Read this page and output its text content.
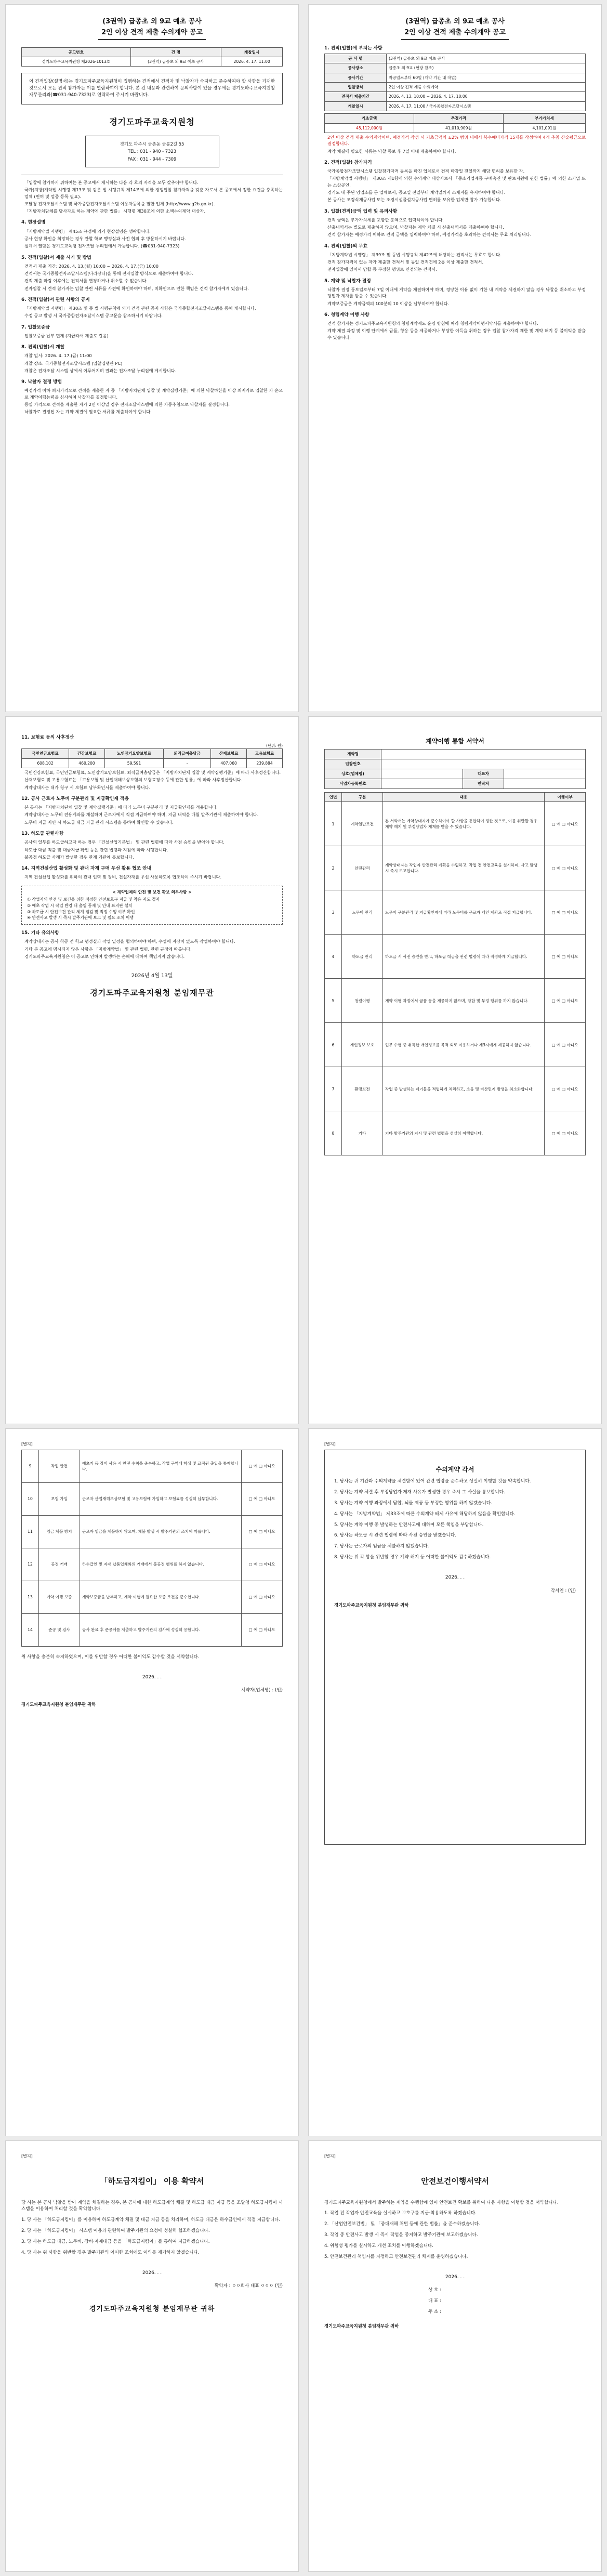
(3권역) 급종초 외 9교 예초 공사
2인 이상 견적 제출 수의계약 공고
공고번호	건 명	개찰일시
경기도파주교육지원청 제2026-1013호	(3권역) 급종초 외 9교 예초 공사	2026. 4. 17. 11:00
이 견적입찰(설명서)는 경기도파주교육지원청이 집행하는 견적에서 견적자 및 낙찰자가 숙지하고 준수하여야 할 사항을 기재한 것으로서 모든 견적 참가자는 이를 열람하여야 합니다. 본 건 내용과 관련하여 문의사항이 있을 경우에는 경기도파주교육지원청 재무관리과(☎031-940-7323)로 연락하여 주시기 바랍니다.
경기도파주교육지원청
경기도 파주시 금촌동 금릉2길 55
TEL : 031 - 940 - 7323
FAX : 031 - 944 - 7309
「입찰에 참가하기 위하여는 본 공고에서 제시하는 다음 각 호의 자격을 모두 갖추어야 합니다.
국가(지방)계약법 시행령 제13조 및 같은 법 시행규칙 제14조에 의한 경쟁입찰 참가자격을 갖춘 자로서 본 공고에서 정한 요건을 충족하는 업체 (면허 및 업종 등록 필요).
조달청 전자조달시스템 및 국가종합전자조달시스템 이용자등록을 필한 업체 (http://www.g2b.go.kr).
「지방자치단체를 당사자로 하는 계약에 관한 법률」 시행령 제30조에 의한 소액수의계약 대상자.
4. 현장설명
「지방계약법 시행령」 제45조 규정에 의거 현장설명은 생략합니다.
공사 현장 확인을 희망하는 경우 관할 학교 행정실과 사전 협의 후 방문하시기 바랍니다.
설계서 열람은 경기도교육청 전자조달 누리집에서 가능합니다. (☎031-940-7323)
5. 견적(입찰)서 제출 시기 및 방법
견적서 제출 기간: 2026. 4. 13.(월) 10:00 ~ 2026. 4. 17.(금) 10:00
견적서는 국가종합전자조달시스템(나라장터)을 통해 전자입찰 방식으로 제출하여야 합니다.
견적 제출 마감 이후에는 견적서를 변경하거나 취소할 수 없습니다.
전자입찰 시 견적 참가자는 입찰 관련 서류를 사전에 확인하여야 하며, 미확인으로 인한 책임은 견적 참가자에게 있습니다.
6. 견적(입찰)서 관련 사항의 공지
「지방계약법 시행령」 제30조 및 동 법 시행규칙에 의거 견적 관련 공지 사항은 국가종합전자조달시스템을 통해 게시합니다.
수정 공고 발생 시 국가종합전자조달시스템 공고문을 참조하시기 바랍니다.
7. 입찰보증금
입찰보증금 납부 면제 (지급각서 제출로 갈음)
8. 견적(입찰)서 개찰
개찰 일시: 2026. 4. 17.(금) 11:00
개찰 장소: 국가종합전자조달시스템 (입찰집행관 PC)
개찰은 전자조달 시스템 상에서 이루어지며 결과는 전자조달 누리집에 게시합니다.
9. 낙찰자 결정 방법
예정가격 이하 최저가격으로 견적을 제출한 자 중 「지방자치단체 입찰 및 계약집행기준」에 의한 낙찰하한율 이상 최저가로 입찰한 자 순으로 계약이행능력을 심사하여 낙찰자를 결정합니다.
동일 가격으로 견적을 제출한 자가 2인 이상일 경우 전자조달시스템에 의한 자동추첨으로 낙찰자를 결정합니다.
낙찰자로 결정된 자는 계약 체결에 필요한 서류를 제출하여야 합니다.
(3권역) 급종초 외 9교 예초 공사
2인 이상 견적 제출 수의계약 공고
1. 견적(입찰)에 부치는 사항
공 사 명	(3권역) 급종초 외 9교 예초 공사
공사장소	급종초 외 9교 (현장 참조)
공사기간	착공일로부터 60일 (개약 기간 내 작업)
입찰방식	2인 이상 견적 제출 수의계약
견적서 제출기간	2026. 4. 13. 10:00 ~ 2026. 4. 17. 10:00
개찰일시	2026. 4. 17. 11:00 / 국가종합전자조달시스템
기초금액	추정가격	부가가치세
45,112,000원	41,010,909원	4,101,091원
2인 이상 견적 제출 수의계약이며, 예정가격 작성 시 기초금액의 ±2% 범위 내에서 복수예비가격 15개를 작성하여 4개 추첨 산술평균으로 결정합니다.
계약 체결에 필요한 서류는 낙찰 통보 후 7일 이내 제출하여야 합니다.
2. 견적(입찰) 참가자격
국가종합전자조달시스템 입찰참가자격 등록을 마친 업체로서 견적 마감일 전일까지 해당 면허를 보유한 자.
「지방계약법 시행령」 제30조 제1항에 의한 수의계약 대상자로서 「중소기업제품 구매촉진 및 판로지원에 관한 법률」에 의한 소기업 또는 소상공인.
경기도 내 주된 영업소를 둔 업체로서, 공고일 전일부터 계약일까지 소재지를 유지하여야 합니다.
본 공사는 조경식재공사업 또는 조경시설물설치공사업 면허를 보유한 업체만 참가 가능합니다.
3. 입찰(견적)금액 입력 및 유의사항
견적 금액은 부가가치세를 포함한 총액으로 입력하여야 합니다.
산출내역서는 별도로 제출하지 않으며, 낙찰자는 계약 체결 시 산출내역서를 제출하여야 합니다.
견적 참가자는 예정가격 이하로 견적 금액을 입력하여야 하며, 예정가격을 초과하는 견적서는 무효 처리됩니다.
4. 견적(입찰)의 무효
「지방계약법 시행령」 제39조 및 동법 시행규칙 제42조에 해당하는 견적서는 무효로 합니다.
견적 참가자격이 없는 자가 제출한 견적서 및 동일 견적건에 2통 이상 제출한 견적서.
전자입찰에 있어서 담합 등 부정한 행위로 인정되는 견적서.
5. 계약 및 낙찰자 결정
낙찰자 결정 통보일로부터 7일 이내에 계약을 체결하여야 하며, 정당한 이유 없이 기한 내 계약을 체결하지 않을 경우 낙찰을 취소하고 부정당업자 제재를 받을 수 있습니다.
계약보증금은 계약금액의 100분의 10 이상을 납부하여야 합니다.
6. 청렴계약 이행 사항
견적 참가자는 경기도파주교육지원청의 청렴계약제도 운영 방침에 따라 청렴계약이행서약서를 제출하여야 합니다.
계약 체결 과정 및 이행 단계에서 금품, 향응 등을 제공하거나 부당한 이득을 취하는 경우 입찰 참가자격 제한 및 계약 해지 등 불이익을 받을 수 있습니다.
11. 보험료 등의 사후정산
(단위: 원)
국민연금보험료	건강보험료	노인장기요양보험료	퇴직급여충당금	산재보험료	고용보험료
608,102	460,200	59,591	-	407,060	239,884
국민건강보험료, 국민연금보험료, 노인장기요양보험료, 퇴직급여충당금은 「지방자치단체 입찰 및 계약집행기준」에 따라 사후정산합니다.
산재보험료 및 고용보험료는 「고용보험 및 산업재해보상보험의 보험료징수 등에 관한 법률」에 따라 사후정산합니다.
계약상대자는 대가 청구 시 보험료 납부확인서를 제출하여야 합니다.
12. 공사 근로자 노무비 구분관리 및 지급확인제 적용
본 공사는 「지방자치단체 입찰 및 계약집행기준」에 따라 노무비 구분관리 및 지급확인제를 적용합니다.
계약상대자는 노무비 전용계좌를 개설하여 근로자에게 직접 지급하여야 하며, 지급 내역을 매월 발주기관에 제출하여야 합니다.
노무비 지급 지연 시 하도급 대금 지급 관리 시스템을 통하여 확인할 수 있습니다.
13. 하도급 관련사항
공사의 일부를 하도급하고자 하는 경우 「건설산업기본법」 및 관련 법령에 따라 사전 승인을 받아야 합니다.
하도급 대금 직불 및 대금지급 확인 등은 관련 법령과 지침에 따라 시행합니다.
불공정 하도급 사례가 발생한 경우 관계 기관에 통보합니다.
14. 지역건설산업 활성화 및 관내 자재 구매 우선 활용 협조 안내
지역 건설산업 활성화를 위하여 관내 인력 및 장비, 건설자재를 우선 사용하도록 협조하여 주시기 바랍니다.
< 계약업체의 안전 및 보건 확보 의무사항 >
① 작업자의 안전 및 보건을 위한 적정한 안전보호구 지급 및 착용 지도 철저
② 예초 작업 시 작업 반경 내 출입 통제 및 안내 표지판 설치
③ 하도급 시 안전보건 관리 체계 점검 및 적정 수행 여부 확인
④ 안전사고 발생 시 즉시 발주기관에 보고 및 필요 조치 이행
15. 기타 유의사항
계약상대자는 공사 착공 전 학교 행정실과 작업 일정을 협의하여야 하며, 수업에 지장이 없도록 작업하여야 합니다.
기타 본 공고에 명시되지 않은 사항은 「지방계약법」 및 관련 법령, 관련 규정에 따릅니다.
경기도파주교육지원청은 이 공고로 인하여 발생하는 손해에 대하여 책임지지 않습니다.
2026년 4월 13일
경기도파주교육지원청 분임재무관
계약이행 통합 서약서
계약명			
입찰번호			
상호(업체명)		대표자	
사업자등록번호		연락처	
연번	구분	내용	이행여부
1	계약일반조건	본 서약서는 계약상대자가 준수하여야 할 사항을 통합하여 정한 것으로, 이를 위반할 경우 계약 해지 및 부정당업자 제재를 받을 수 있습니다.	□ 예 □ 아니오
2	안전관리	계약상대자는 작업자 안전관리 계획을 수립하고, 작업 전 안전교육을 실시하며, 사고 발생 시 즉시 보고합니다.	□ 예 □ 아니오
3	노무비 관리	노무비 구분관리 및 지급확인제에 따라 노무비를 근로자 개인 계좌로 직접 지급합니다.	□ 예 □ 아니오
4	하도급 관리	하도급 시 사전 승인을 받고, 하도급 대금을 관련 법령에 따라 적정하게 지급합니다.	□ 예 □ 아니오
5	청렴이행	계약 이행 과정에서 금품 등을 제공하지 않으며, 담합 및 부정 행위를 하지 않습니다.	□ 예 □ 아니오
6	개인정보 보호	업무 수행 중 취득한 개인정보를 목적 외로 이용하거나 제3자에게 제공하지 않습니다.	□ 예 □ 아니오
7	환경보전	작업 중 발생하는 폐기물을 적법하게 처리하고, 소음 및 비산먼지 발생을 최소화합니다.	□ 예 □ 아니오
8	기타	기타 발주기관의 지시 및 관련 법령을 성실히 이행합니다.	□ 예 □ 아니오
[별지]
9	작업 안전	예초기 등 장비 사용 시 안전 수칙을 준수하고, 작업 구역에 학생 및 교직원 출입을 통제합니다.	□ 예 □ 아니오
10	보험 가입	근로자 산업재해보상보험 및 고용보험에 가입하고 보험료를 성실히 납부합니다.	□ 예 □ 아니오
11	임금 체불 방지	근로자 임금을 체불하지 않으며, 체불 발생 시 발주기관의 조치에 따릅니다.	□ 예 □ 아니오
12	공정 거래	하수급인 및 자재 납품업체와의 거래에서 불공정 행위를 하지 않습니다.	□ 예 □ 아니오
13	계약 이행 보증	계약보증금을 납부하고, 계약 이행에 필요한 보증 조건을 준수합니다.	□ 예 □ 아니오
14	준공 및 검사	공사 완료 후 준공계를 제출하고 발주기관의 검사에 성실히 응합니다.	□ 예 □ 아니오
위 사항을 충분히 숙지하였으며, 이를 위반할 경우 어떠한 불이익도 감수할 것을 서약합니다.
2026. . .
서약자(업체명) : (인)
경기도파주교육지원청 분임재무관 귀하
[별지]
수의계약 각서
1. 당사는 귀 기관과 수의계약을 체결함에 있어 관련 법령을 준수하고 성실히 이행할 것을 약속합니다.
2. 당사는 계약 체결 후 부정당업자 제재 사유가 발생한 경우 즉시 그 사실을 통보합니다.
3. 당사는 계약 이행 과정에서 담합, 뇌물 제공 등 부정한 행위를 하지 않겠습니다.
4. 당사는 「지방계약법」 제33조에 따른 수의계약 배제 사유에 해당하지 않음을 확인합니다.
5. 당사는 계약 이행 중 발생하는 안전사고에 대하여 모든 책임을 부담합니다.
6. 당사는 하도급 시 관련 법령에 따라 사전 승인을 받겠습니다.
7. 당사는 근로자의 임금을 체불하지 않겠습니다.
8. 당사는 위 각 항을 위반할 경우 계약 해지 등 어떠한 불이익도 감수하겠습니다.
2026. . .
각서인 : (인)
경기도파주교육지원청 분임재무관 귀하
[별지]
「하도급지킴이」 이용 확약서
당 사는 본 공사 낙찰을 받아 계약을 체결하는 경우, 본 공사에 대한 하도급계약 체결 및 하도급 대금 지급 등을 조달청 하도급지킴이 시스템을 이용하여 처리할 것을 확약합니다.
1. 당 사는 「하도급지킴이」를 이용하여 하도급계약 체결 및 대금 지급 등을 처리하며, 하도급 대금은 하수급인에게 직접 지급합니다.
2. 당 사는 「하도급지킴이」 시스템 이용과 관련하여 발주기관의 요청에 성실히 협조하겠습니다.
3. 당 사는 하도급 대금, 노무비, 장비·자재대금 등을 「하도급지킴이」를 통하여 지급하겠습니다.
4. 당 사는 위 사항을 위반할 경우 발주기관의 어떠한 조치에도 이의를 제기하지 않겠습니다.
2026. . .
확약자 : ㅇㅇ회사 대표 ㅇㅇㅇ (인)
경기도파주교육지원청 분임재무관 귀하
[별지]
안전보건이행서약서
경기도파주교육지원청에서 발주하는 계약을 수행함에 있어 안전보건 확보를 위하여 다음 사항을 이행할 것을 서약합니다.
1. 작업 전 작업자 안전교육을 실시하고 보호구를 지급·착용하도록 하겠습니다.
2. 「산업안전보건법」 및 「중대재해 처벌 등에 관한 법률」을 준수하겠습니다.
3. 작업 중 안전사고 발생 시 즉시 작업을 중지하고 발주기관에 보고하겠습니다.
4. 위험성 평가를 실시하고 개선 조치를 이행하겠습니다.
5. 안전보건관리 책임자를 지정하고 안전보건관리 체계를 운영하겠습니다.
2026. . .
상 호 :
대 표 :
주 소 :
경기도파주교육지원청 분임재무관 귀하
